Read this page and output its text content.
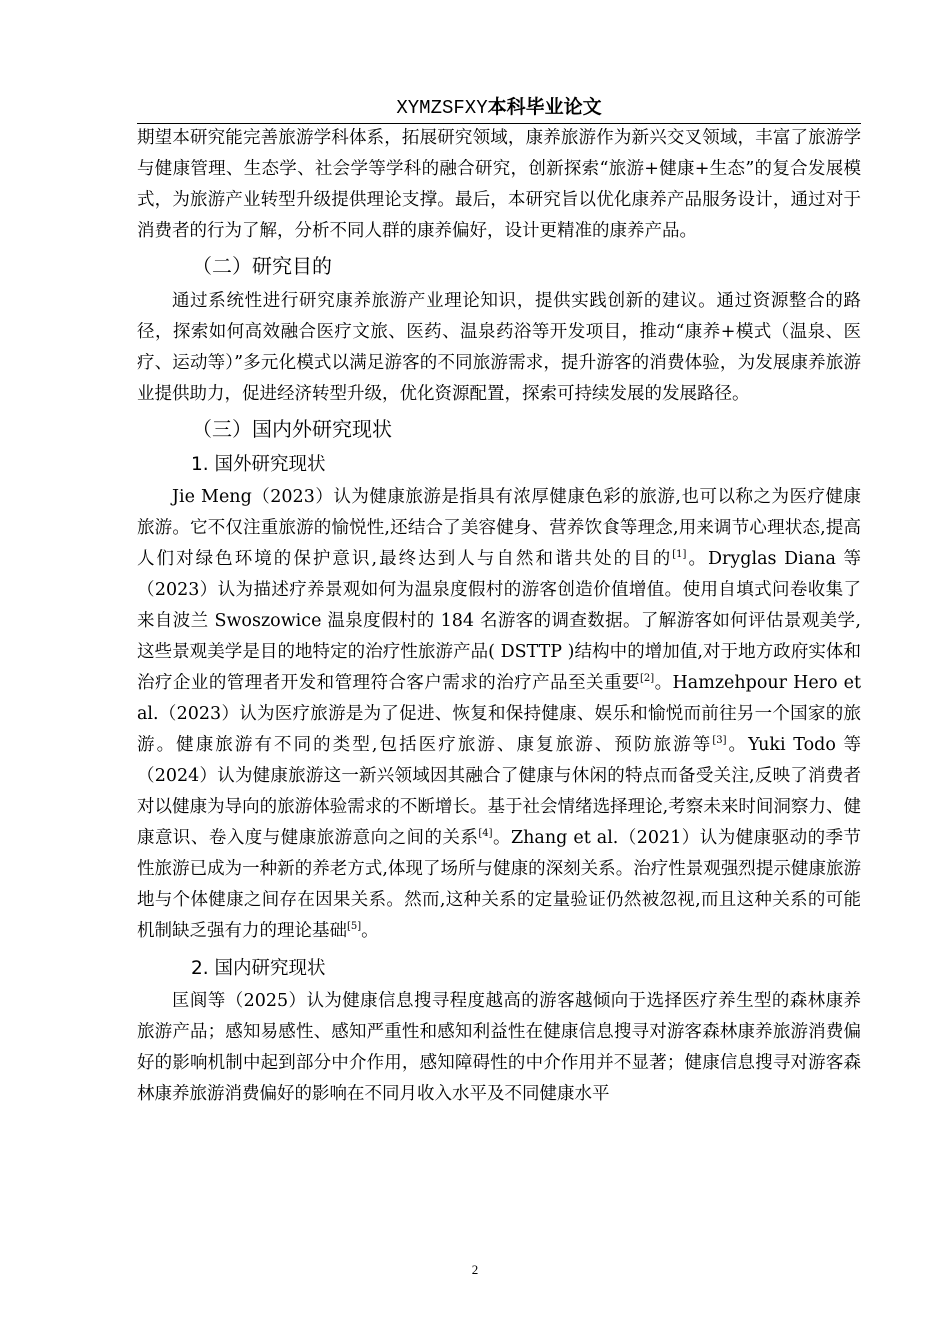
XYMZSFXY本科毕业论文

期望本研究能完善旅游学科体系，拓展研究领域，康养旅游作为新兴交叉领域，丰富了旅游学与健康管理、生态学、社会学等学科的融合研究，创新探索“旅游+健康+生态”的复合发展模式，为旅游产业转型升级提供理论支撑。最后，本研究旨以优化康养产品服务设计，通过对于消费者的行为了解，分析不同人群的康养偏好，设计更精准的康养产品。

（二）研究目的

通过系统性进行研究康养旅游产业理论知识，提供实践创新的建议。通过资源整合的路径，探索如何高效融合医疗文旅、医药、温泉药浴等开发项目，推动“康养+模式（温泉、医疗、运动等）”多元化模式以满足游客的不同旅游需求，提升游客的消费体验，为发展康养旅游业提供助力，促进经济转型升级，优化资源配置，探索可持续发展的发展路径。

（三）国内外研究现状
1. 国外研究现状

Jie Meng（2023）认为健康旅游是指具有浓厚健康色彩的旅游,也可以称之为医疗健康旅游。它不仅注重旅游的愉悦性,还结合了美容健身、营养饮食等理念,用来调节心理状态,提高人们对绿色环境的保护意识,最终达到人与自然和谐共处的目的[1]。Dryglas Diana 等（2023）认为描述疗养景观如何为温泉度假村的游客创造价值增值。使用自填式问卷收集了来自波兰 Swoszowice 温泉度假村的 184 名游客的调查数据。了解游客如何评估景观美学,这些景观美学是目的地特定的治疗性旅游产品( DSTTP )结构中的增加值,对于地方政府实体和治疗企业的管理者开发和管理符合客户需求的治疗产品至关重要[2]。Hamzehpour Hero et al.（2023）认为医疗旅游是为了促进、恢复和保持健康、娱乐和愉悦而前往另一个国家的旅游。健康旅游有不同的类型,包括医疗旅游、康复旅游、预防旅游等[3]。Yuki Todo 等（2024）认为健康旅游这一新兴领域因其融合了健康与休闲的特点而备受关注,反映了消费者对以健康为导向的旅游体验需求的不断增长。基于社会情绪选择理论,考察未来时间洞察力、健康意识、卷入度与健康旅游意向之间的关系[4]。Zhang et al.（2021）认为健康驱动的季节性旅游已成为一种新的养老方式,体现了场所与健康的深刻关系。治疗性景观强烈提示健康旅游地与个体健康之间存在因果关系。然而,这种关系的定量验证仍然被忽视,而且这种关系的可能机制缺乏强有力的理论基础[5]。

2. 国内研究现状

匡阆等（2025）认为健康信息搜寻程度越高的游客越倾向于选择医疗养生型的森林康养旅游产品；感知易感性、感知严重性和感知利益性在健康信息搜寻对游客森林康养旅游消费偏好的影响机制中起到部分中介作用，感知障碍性的中介作用并不显著；健康信息搜寻对游客森林康养旅游消费偏好的影响在不同月收入水平及不同健康水平

2
